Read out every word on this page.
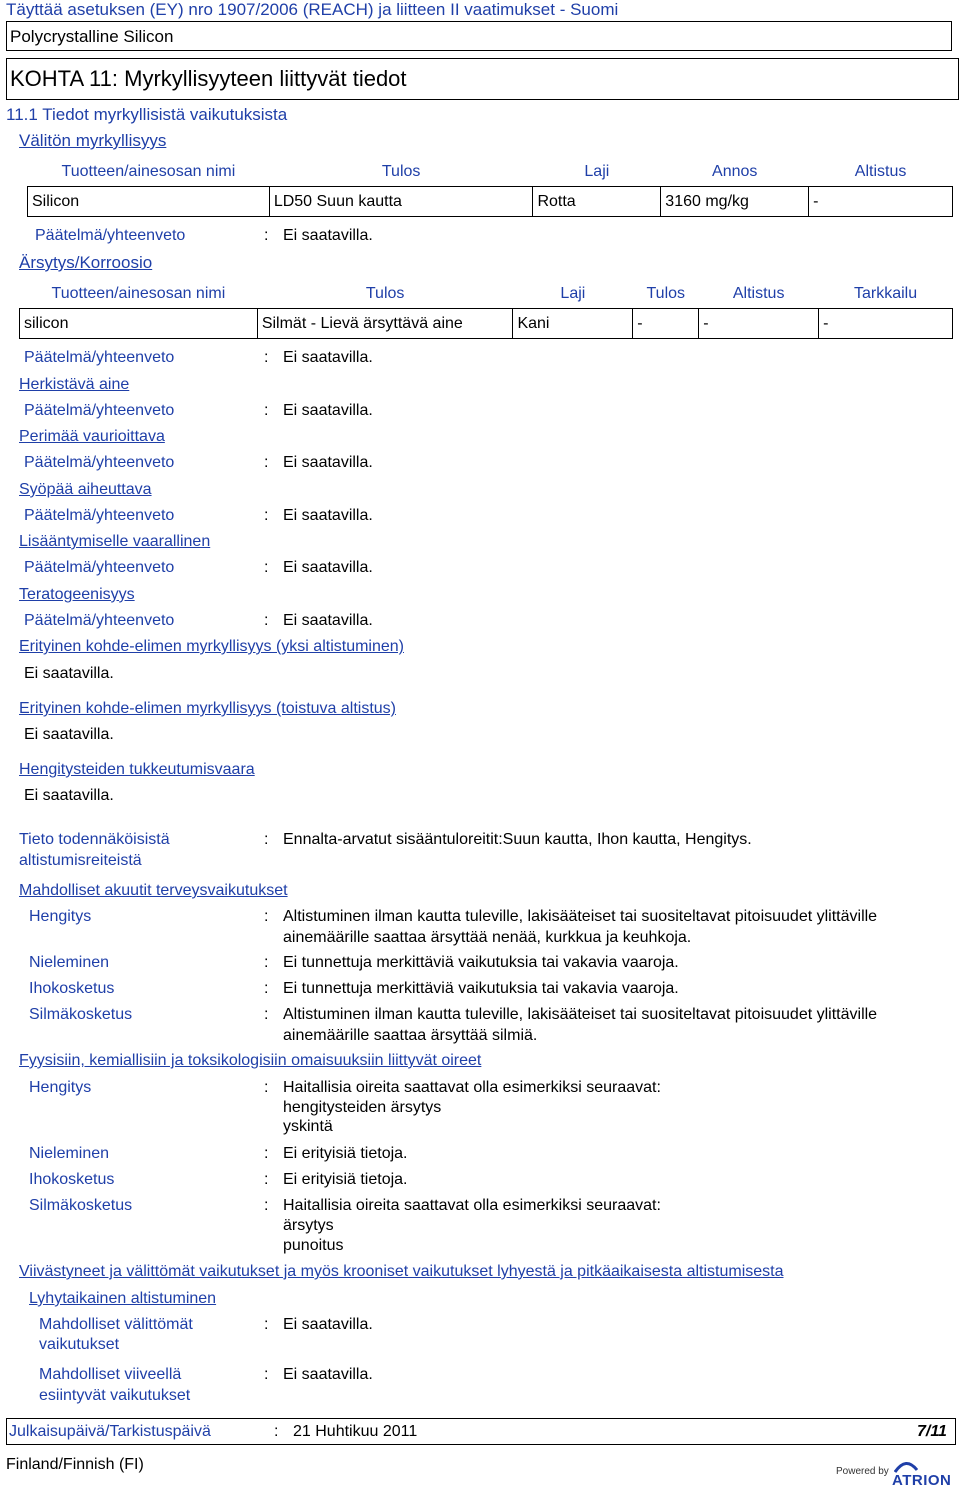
Täyttää asetuksen (EY) nro 1907/2006 (REACH) ja liitteen II vaatimukset - Suomi
Polycrystalline Silicon
KOHTA 11: Myrkyllisyyteen liittyvät tiedot
11.1 Tiedot myrkyllisistä vaikutuksista
Välitön myrkyllisyys
Tuotteen/ainesosan nimi	Tulos	Laji	Annos	Altistus
Silicon	LD50 Suun kautta	Rotta	3160 mg/kg	-
Päätelmä/yhteenveto	: Ei saatavilla.
Ärsytys/Korroosio
Tuotteen/ainesosan nimi	Tulos	Laji	Tulos	Altistus	Tarkkailu
silicon	Silmät - Lievä ärsyttävä aine	Kani	-	-	-
Päätelmä/yhteenveto	: Ei saatavilla.
Herkistävä aine
Päätelmä/yhteenveto	: Ei saatavilla.
Perimää vaurioittava
Päätelmä/yhteenveto	: Ei saatavilla.
Syöpää aiheuttava
Päätelmä/yhteenveto	: Ei saatavilla.
Lisääntymiselle vaarallinen
Päätelmä/yhteenveto	: Ei saatavilla.
Teratogeenisyys
Päätelmä/yhteenveto	: Ei saatavilla.
Erityinen kohde-elimen myrkyllisyys (yksi altistuminen)
Ei saatavilla.
Erityinen kohde-elimen myrkyllisyys (toistuva altistus)
Ei saatavilla.
Hengitysteiden tukkeutumisvaara
Ei saatavilla.
Tieto todennäköisistä
altistumisreiteistä
: Ennalta-arvatut sisääntuloreitit:Suun kautta, Ihon kautta, Hengitys.
Mahdolliset akuutit terveysvaikutukset
Hengitys	: Altistuminen ilman kautta tuleville, lakisääteiset tai suositeltavat pitoisuudet ylittäville
ainemäärille saattaa ärsyttää nenää, kurkkua ja keuhkoja.
Nieleminen	: Ei tunnettuja merkittäviä vaikutuksia tai vakavia vaaroja.
Ihokosketus	: Ei tunnettuja merkittäviä vaikutuksia tai vakavia vaaroja.
Silmäkosketus	: Altistuminen ilman kautta tuleville, lakisääteiset tai suositeltavat pitoisuudet ylittäville
ainemäärille saattaa ärsyttää silmiä.
Fyysisiin, kemiallisiin ja toksikologisiin omaisuuksiin liittyvät oireet
Hengitys	: Haitallisia oireita saattavat olla esimerkiksi seuraavat:
hengitysteiden ärsytys
yskintä
Nieleminen	: Ei erityisiä tietoja.
Ihokosketus	: Ei erityisiä tietoja.
Silmäkosketus	: Haitallisia oireita saattavat olla esimerkiksi seuraavat:
ärsytys
punoitus
Viivästyneet ja välittömät vaikutukset ja myös krooniset vaikutukset lyhyestä ja pitkäaikaisesta altistumisesta
Lyhytaikainen altistuminen
Mahdolliset välittömät
vaikutukset
: Ei saatavilla.
Mahdolliset viiveellä
esiintyvät vaikutukset
: Ei saatavilla.
Julkaisupäivä/Tarkistuspäivä	: 21 Huhtikuu 2011	7/11
Finland/Finnish (FI)	Powered by
ATRION
